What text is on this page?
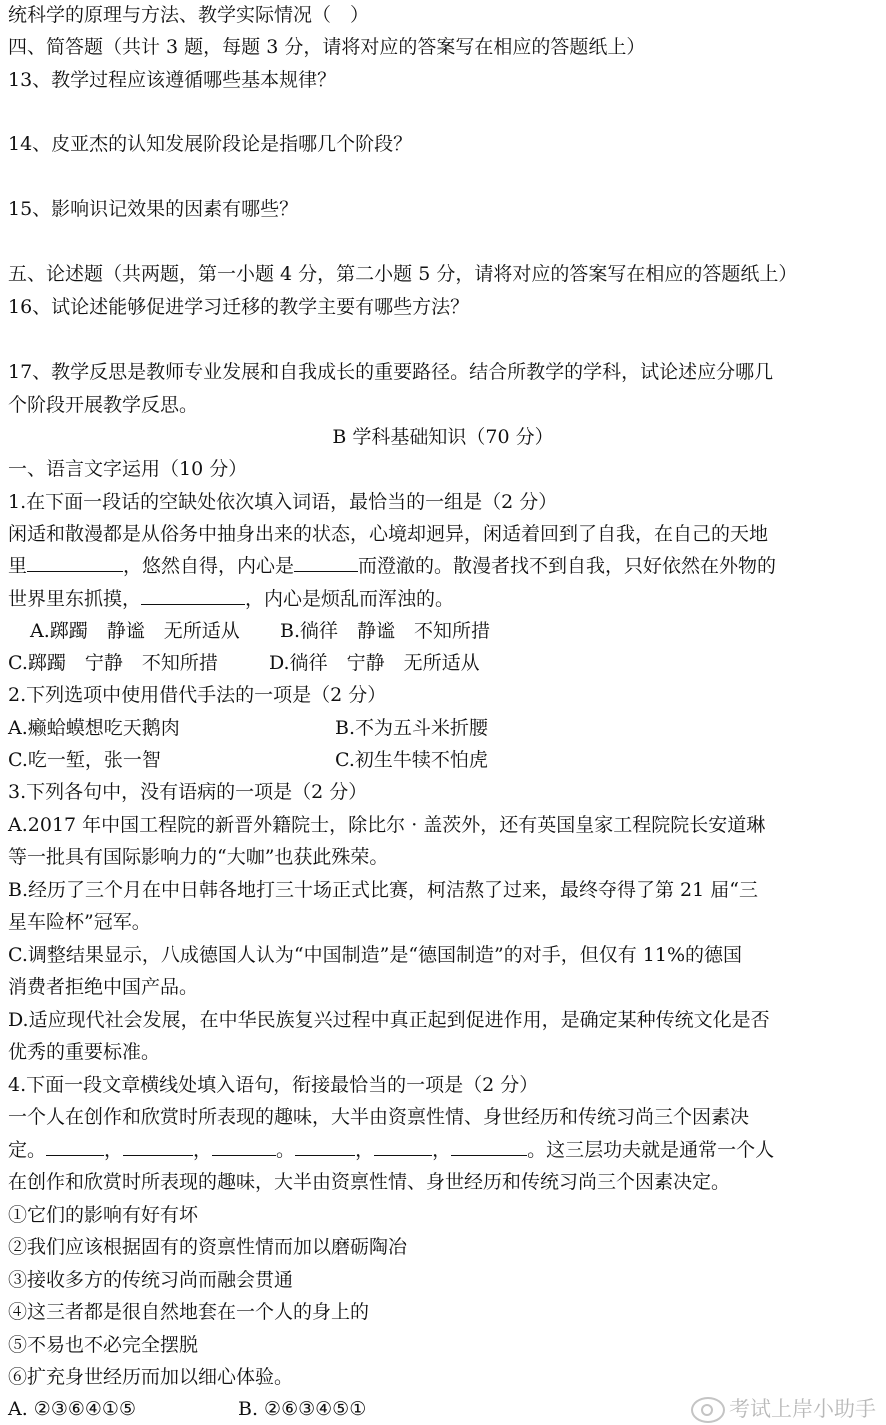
统科学的原理与方法、教学实际情况（　）
四、简答题（共计 3 题，每题 3 分，请将对应的答案写在相应的答题纸上）
13、教学过程应该遵循哪些基本规律？
14、皮亚杰的认知发展阶段论是指哪几个阶段？
15、影响识记效果的因素有哪些？
五、论述题（共两题，第一小题 4 分，第二小题 5 分，请将对应的答案写在相应的答题纸上）
16、试论述能够促进学习迁移的教学主要有哪些方法？
17、教学反思是教师专业发展和自我成长的重要路径。结合所教学的学科，试论述应分哪几
个阶段开展教学反思。
B 学科基础知识（70 分）
一、语言文字运用（10 分）
1.在下面一段话的空缺处依次填入词语，最恰当的一组是（2 分）
闲适和散漫都是从俗务中抽身出来的状态，心境却迥异，闲适着回到了自我，在自己的天地
里	，悠然自得，内心是	而澄澈的。散漫者找不到自我，只好依然在外物的
世界里东抓摸，	，内心是烦乱而浑浊的。
A.踯躅　静谧　无所适从 B.徜徉　静谧　不知所措
C.踯躅　宁静　不知所措	D.徜徉　宁静　无所适从
2.下列选项中使用借代手法的一项是（2 分）
A.癞蛤蟆想吃天鹅肉	B.不为五斗米折腰
C.吃一堑，张一智	C.初生牛犊不怕虎
3.下列各句中，没有语病的一项是（2 分）
A.2017 年中国工程院的新晋外籍院士，除比尔 · 盖茨外，还有英国皇家工程院院长安道琳
等一批具有国际影响力的“大咖”也获此殊荣。
B.经历了三个月在中日韩各地打三十场正式比赛，柯洁熬了过来，最终夺得了第 21 届“三
星车险杯”冠军。
C.调整结果显示，八成德国人认为“中国制造”是“德国制造”的对手，但仅有 11%的德国
消费者拒绝中国产品。
D.适应现代社会发展，在中华民族复兴过程中真正起到促进作用，是确定某种传统文化是否
优秀的重要标准。
4.下面一段文章横线处填入语句，衔接最恰当的一项是（2 分）
一个人在创作和欣赏时所表现的趣味，大半由资禀性情、身世经历和传统习尚三个因素决
定。	，	，	。	，	，	。这三层功夫就是通常一个人
在创作和欣赏时所表现的趣味，大半由资禀性情、身世经历和传统习尚三个因素决定。
①它们的影响有好有坏
②我们应该根据固有的资禀性情而加以磨砺陶冶
③接收多方的传统习尚而融会贯通
④这三者都是很自然地套在一个人的身上的
⑤不易也不必完全摆脱
⑥扩充身世经历而加以细心体验。
A. ②③⑥④①⑤	B. ②⑥③④⑤①	考试上岸小助手
